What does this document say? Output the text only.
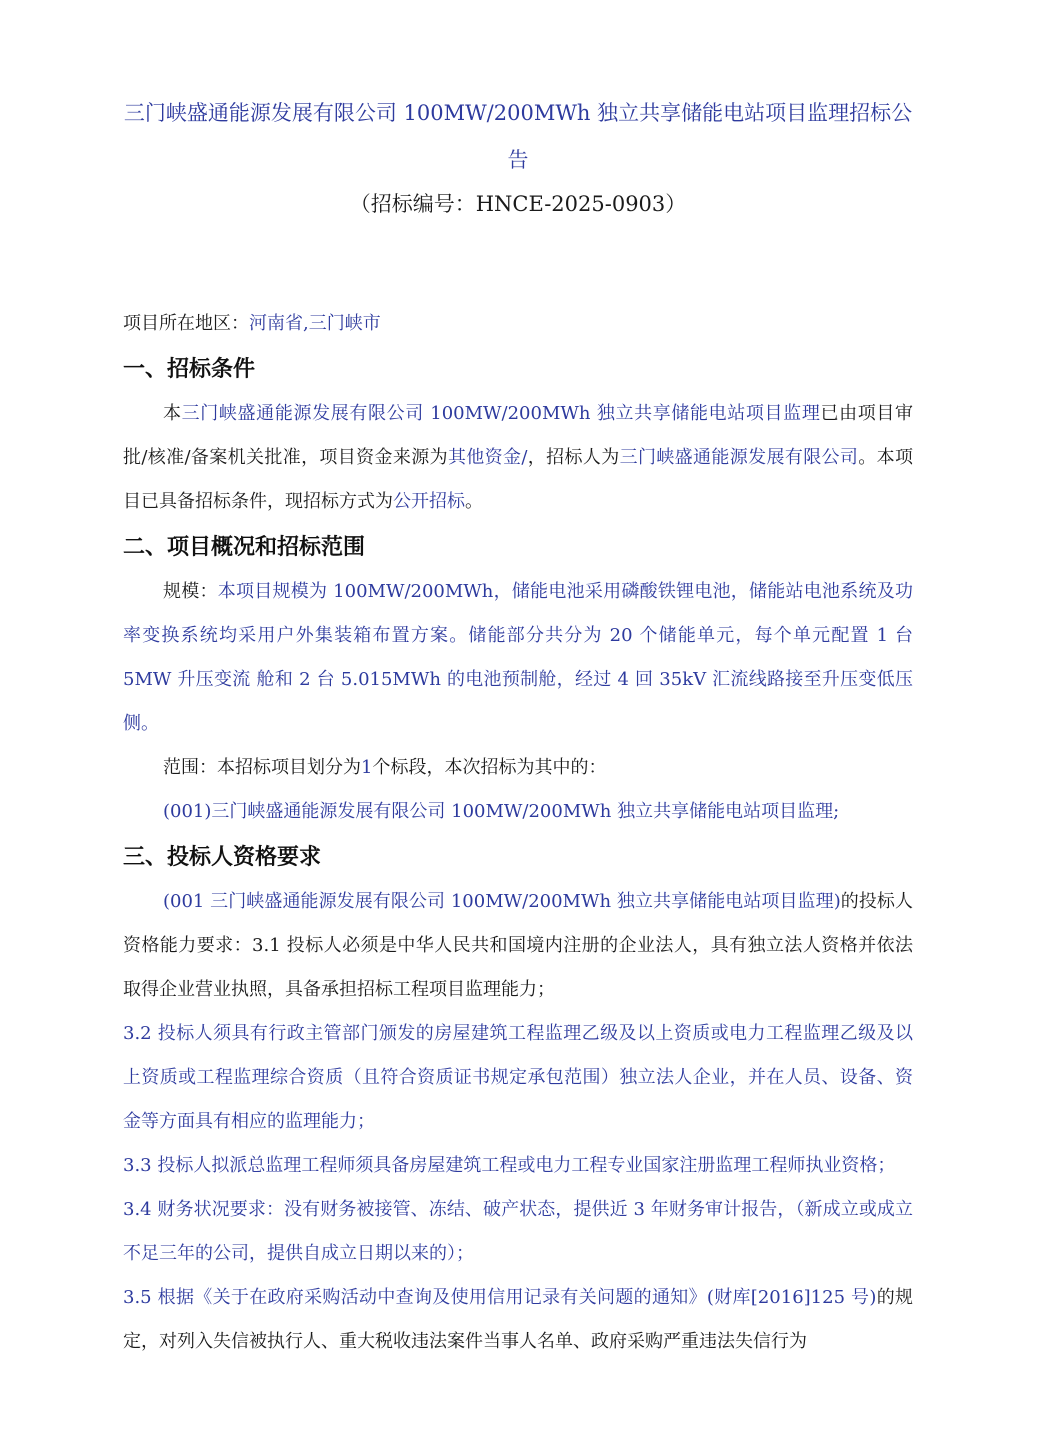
三门峡盛通能源发展有限公司 100MW/200MWh 独立共享储能电站项目监理招标公告

（招标编号：HNCE-2025-0903）

项目所在地区：河南省,三门峡市

一、招标条件

本三门峡盛通能源发展有限公司 100MW/200MWh 独立共享储能电站项目监理已由项目审批/核准/备案机关批准，项目资金来源为其他资金/，招标人为三门峡盛通能源发展有限公司。本项目已具备招标条件，现招标方式为公开招标。

二、项目概况和招标范围

规模：本项目规模为 100MW/200MWh，储能电池采用磷酸铁锂电池，储能站电池系统及功率变换系统均采用户外集装箱布置方案。储能部分共分为 20 个储能单元，每个单元配置 1 台 5MW 升压变流 舱和 2 台 5.015MWh 的电池预制舱，经过 4 回 35kV 汇流线路接至升压变低压侧。

范围：本招标项目划分为1个标段，本次招标为其中的：

(001)三门峡盛通能源发展有限公司 100MW/200MWh 独立共享储能电站项目监理;

三、投标人资格要求

(001 三门峡盛通能源发展有限公司 100MW/200MWh 独立共享储能电站项目监理)的投标人资格能力要求：3.1 投标人必须是中华人民共和国境内注册的企业法人，具有独立法人资格并依法取得企业营业执照，具备承担招标工程项目监理能力；

3.2 投标人须具有行政主管部门颁发的房屋建筑工程监理乙级及以上资质或电力工程监理乙级及以上资质或工程监理综合资质（且符合资质证书规定承包范围）独立法人企业，并在人员、设备、资金等方面具有相应的监理能力；

3.3 投标人拟派总监理工程师须具备房屋建筑工程或电力工程专业国家注册监理工程师执业资格；

3.4 财务状况要求：没有财务被接管、冻结、破产状态，提供近 3 年财务审计报告，（新成立或成立不足三年的公司，提供自成立日期以来的）；

3.5 根据《关于在政府采购活动中查询及使用信用记录有关问题的通知》(财库[2016]125 号)的规定，对列入失信被执行人、重大税收违法案件当事人名单、政府采购严重违法失信行为
